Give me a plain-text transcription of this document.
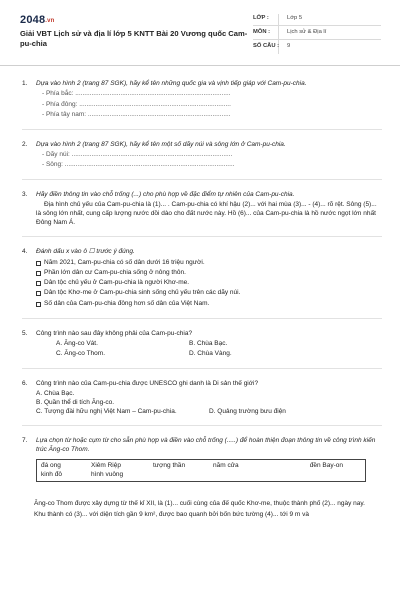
2048.vn
Giải VBT Lịch sử và địa lí lớp 5 KNTT Bài 20 Vương quốc Cam-pu-chia
LỚP :	Lớp 5
MÔN :	Lịch sử & Địa lí
SỐ CÂU :	9
1.	Dựa vào hình 2 (trang 87 SGK), hãy kể tên những quốc gia và vịnh tiếp giáp với Cam-pu-chia.
- Phía bắc: ......................................................................................
- Phía đông: ....................................................................................
- Phía tây nam: ...............................................................................
2.	Dựa vào hình 2 (trang 87 SGK), hãy kể tên một số dãy núi và sông lớn ở Cam-pu-chia.
- Dãy núi: .........................................................................................
- Sông: ..............................................................................................
3.	Hãy điền thông tin vào chỗ trống (...) cho phù hợp về đặc điểm tự nhiên của Cam-pu-chia.
Địa hình chủ yếu của Cam-pu-chia là (1)... . Cam-pu-chia có khí hậu (2)... với hai mùa (3)... - (4)... rõ rệt. Sông (5)... là sông lớn nhất, cung cấp lượng nước dồi dào cho đất nước này. Hồ (6)... của Cam-pu-chia là hồ nước ngọt lớn nhất Đông Nam Á.
4.	Đánh dấu x vào ô ☐ trước ý đúng.
Năm 2021, Cam-pu-chia có số dân dưới 16 triệu người.
Phần lớn dân cư Cam-pu-chia sống ở nông thôn.
Dân tộc chủ yếu ở Cam-pu-chia là người Khơ-me.
Dân tộc Khơ-me ở Cam-pu-chia sinh sống chủ yếu trên các dãy núi.
Số dân của Cam-pu-chia đông hơn số dân của Việt Nam.
5.	Công trình nào sau đây không phải của Cam-pu-chia?
A. Ăng-co Vát.	B. Chùa Bạc.
C. Ăng-co Thom.	D. Chùa Vàng.
6.	Công trình nào của Cam-pu-chia được UNESCO ghi danh là Di sản thế giới?
A. Chùa Bạc.
B. Quần thể di tích Ăng-co.
C. Tượng đài hữu nghị Việt Nam – Cam-pu-chia.	D. Quảng trường bưu điện
7.	Lựa chọn từ hoặc cụm từ cho sẵn phù hợp và điền vào chỗ trống (.....) để hoàn thiện đoạn thông tin về công trình kiến trúc Ăng-co Thom.
đá ong	Xiêm Riệp	tượng thần	năm cửa	đền Bay-on
kinh đô	hình vuông

Ăng-co Thom được xây dựng từ thế kỉ XII, là (1)... cuối cùng của đế quốc Khơ-me, thuộc thành phố (2)... ngày nay.

Khu thành có (3)... với diện tích gần 9 km², được bao quanh bởi bốn bức tường (4)... tới 9 m và
